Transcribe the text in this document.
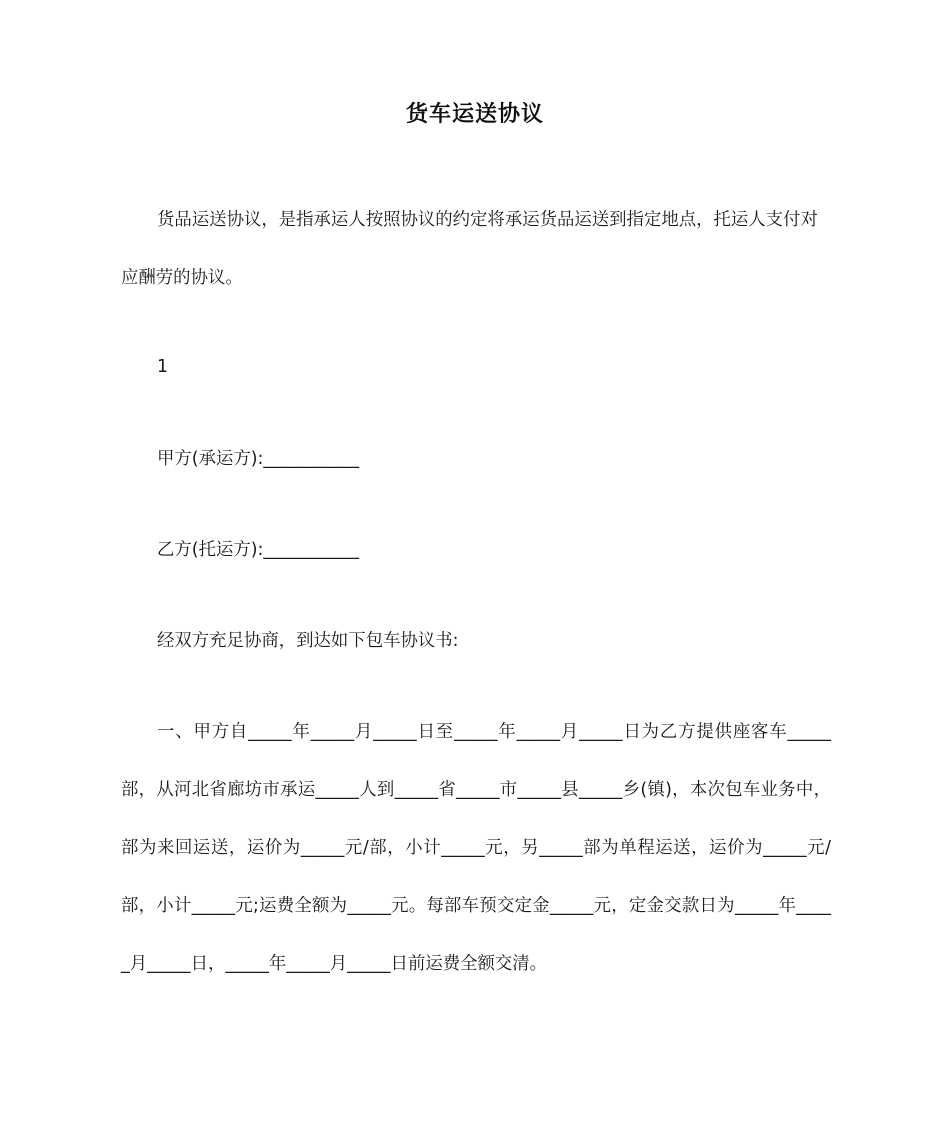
货车运送协议

货品运送协议，是指承运人按照协议的约定将承运货品运送到指定地点，托运人支付对应酬劳的协议。

1

甲方(承运方):___________

乙方(托运方):___________

经双方充足协商，到达如下包车协议书:

一、甲方自_____年_____月_____日至_____年_____月_____日为乙方提供座客车_____部，从河北省廊坊市承运_____人到_____省_____市_____县_____乡(镇)，本次包车业务中，部为来回运送，运价为_____元/部，小计_____元，另_____部为单程运送，运价为_____元/部，小计_____元;运费全额为_____元。每部车预交定金_____元，定金交款日为_____年_____月_____日，_____年_____月_____日前运费全额交清。
